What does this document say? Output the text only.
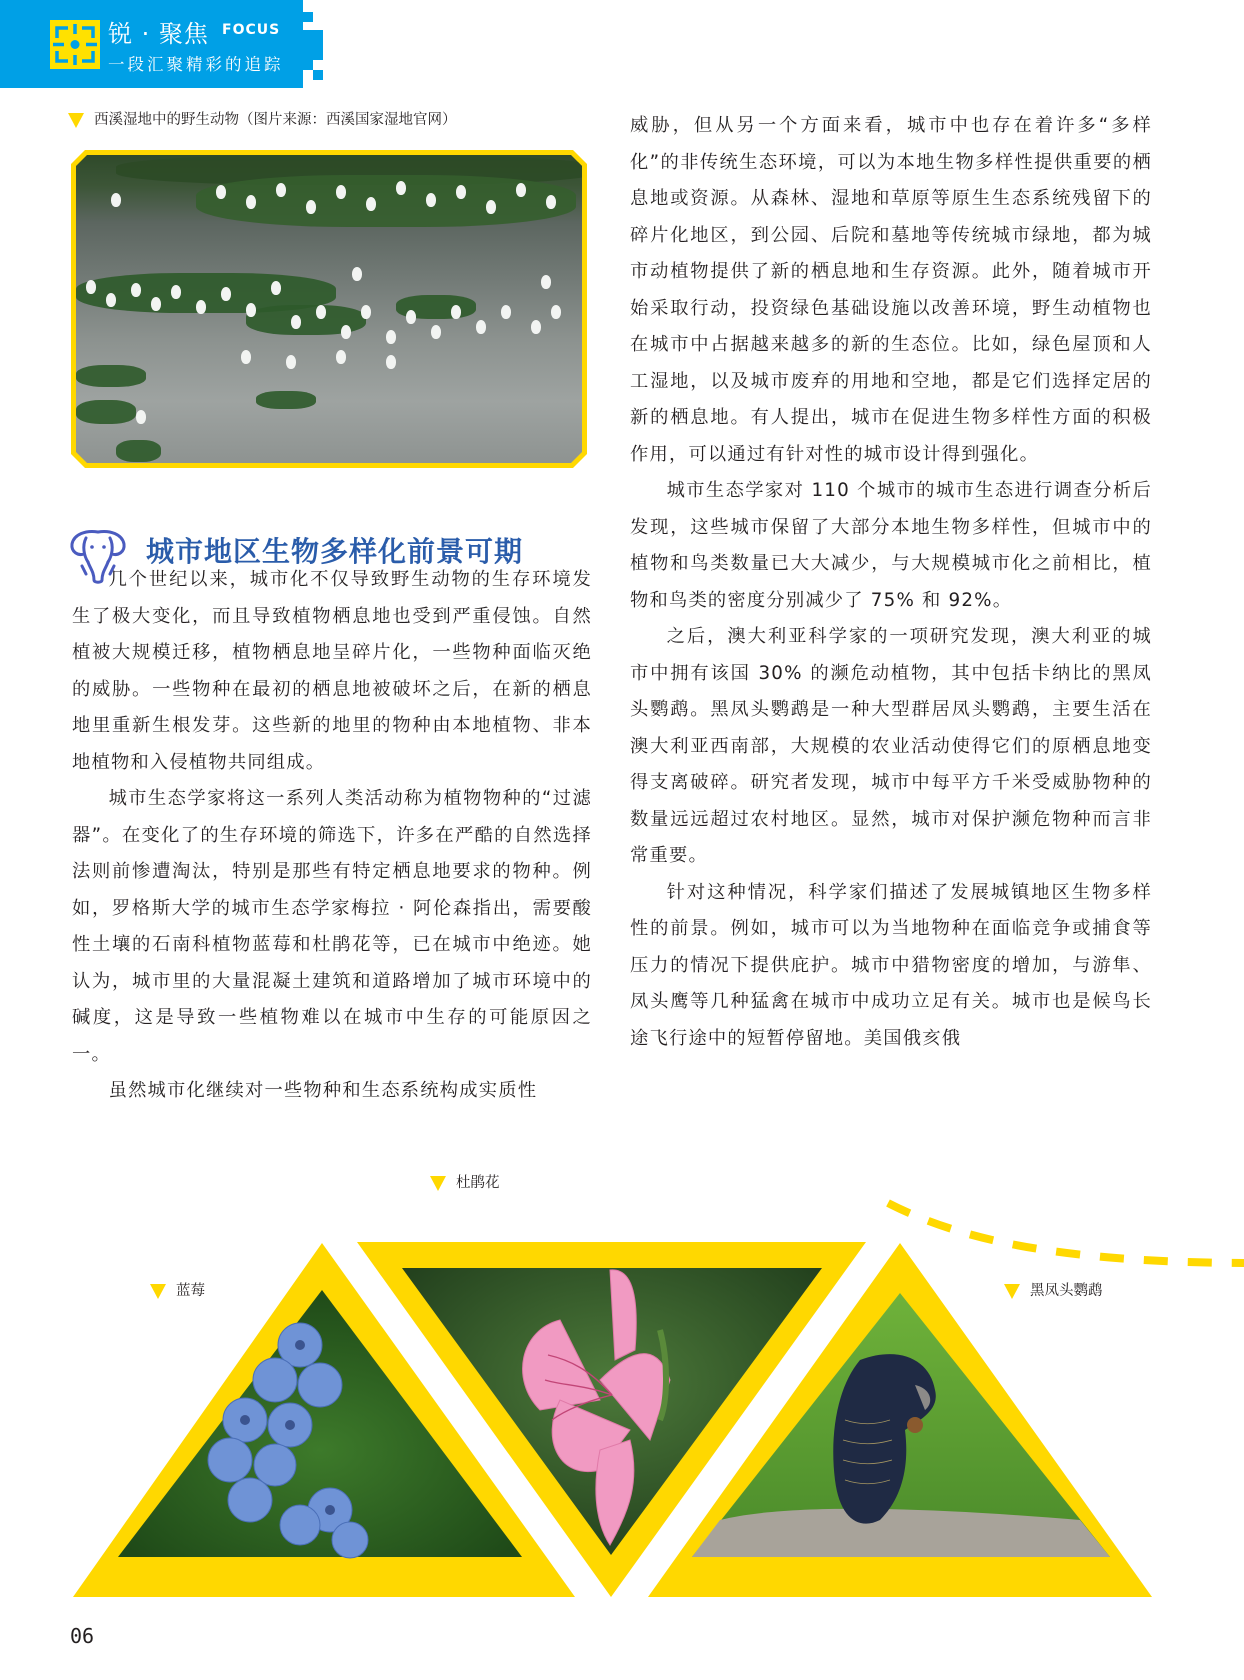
锐 · 聚焦 FOCUS
一段汇聚精彩的追踪
西溪湿地中的野生动物（图片来源：西溪国家湿地官网）
城市地区生物多样化前景可期

几个世纪以来，城市化不仅导致野生动物的生存环境发生了极大变化，而且导致植物栖息地也受到严重侵蚀。自然植被大规模迁移，植物栖息地呈碎片化，一些物种面临灭绝的威胁。一些物种在最初的栖息地被破坏之后，在新的栖息地里重新生根发芽。这些新的地里的物种由本地植物、非本地植物和入侵植物共同组成。

城市生态学家将这一系列人类活动称为植物物种的“过滤器”。在变化了的生存环境的筛选下，许多在严酷的自然选择法则前惨遭淘汰，特别是那些有特定栖息地要求的物种。例如，罗格斯大学的城市生态学家梅拉 · 阿伦森指出，需要酸性土壤的石南科植物蓝莓和杜鹃花等，已在城市中绝迹。她认为，城市里的大量混凝土建筑和道路增加了城市环境中的碱度，这是导致一些植物难以在城市中生存的可能原因之一。

虽然城市化继续对一些物种和生态系统构成实质性

威胁，但从另一个方面来看，城市中也存在着许多“多样化”的非传统生态环境，可以为本地生物多样性提供重要的栖息地或资源。从森林、湿地和草原等原生生态系统残留下的碎片化地区，到公园、后院和墓地等传统城市绿地，都为城市动植物提供了新的栖息地和生存资源。此外，随着城市开始采取行动，投资绿色基础设施以改善环境，野生动植物也在城市中占据越来越多的新的生态位。比如，绿色屋顶和人工湿地，以及城市废弃的用地和空地，都是它们选择定居的新的栖息地。有人提出，城市在促进生物多样性方面的积极作用，可以通过有针对性的城市设计得到强化。

城市生态学家对 110 个城市的城市生态进行调查分析后发现，这些城市保留了大部分本地生物多样性，但城市中的植物和鸟类数量已大大减少，与大规模城市化之前相比，植物和鸟类的密度分别减少了 75% 和 92%。

之后，澳大利亚科学家的一项研究发现，澳大利亚的城市中拥有该国 30% 的濒危动植物，其中包括卡纳比的黑凤头鹦鹉。黑凤头鹦鹉是一种大型群居凤头鹦鹉，主要生活在澳大利亚西南部，大规模的农业活动使得它们的原栖息地变得支离破碎。研究者发现，城市中每平方千米受威胁物种的数量远远超过农村地区。显然，城市对保护濒危物种而言非常重要。

针对这种情况，科学家们描述了发展城镇地区生物多样性的前景。例如，城市可以为当地物种在面临竞争或捕食等压力的情况下提供庇护。城市中猎物密度的增加，与游隼、凤头鹰等几种猛禽在城市中成功立足有关。城市也是候鸟长途飞行途中的短暂停留地。美国俄亥俄

杜鹃花
蓝莓	黑凤头鹦鹉
06
